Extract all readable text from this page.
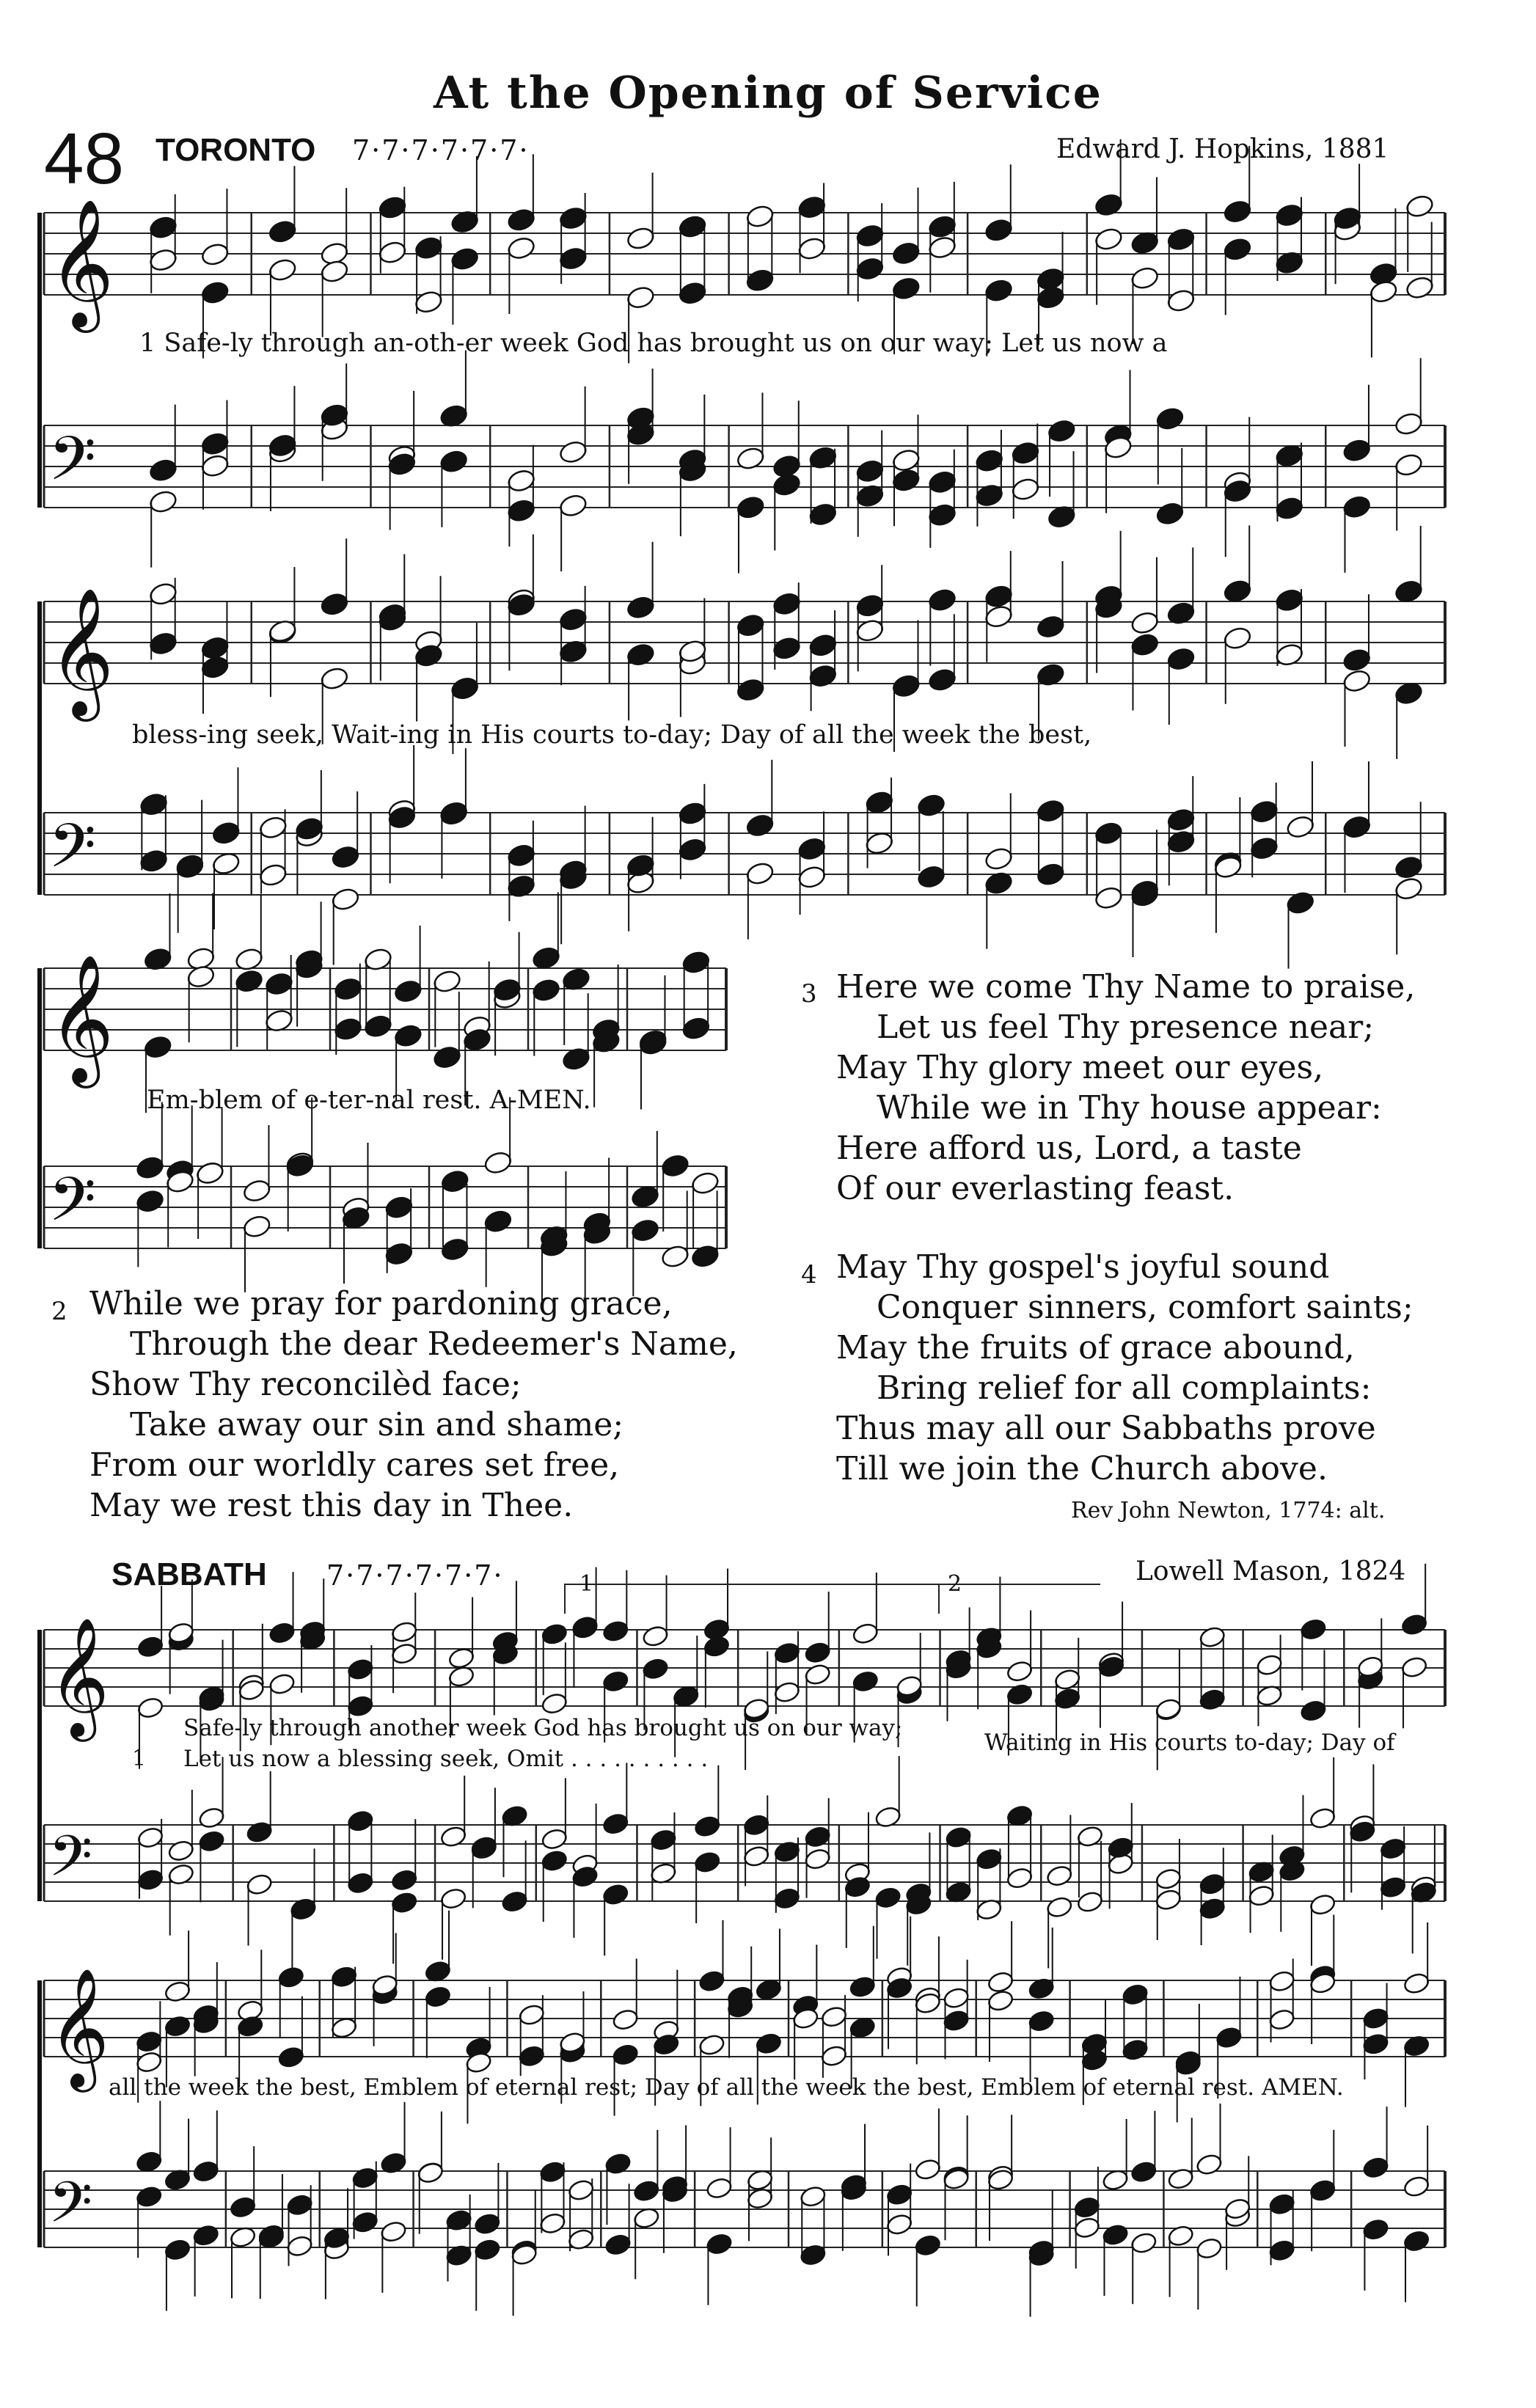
At the Opening of Service
48 TORONTO 7·7·7·7·7·7·	Edward J. Hopkins, 1881
𝄞
𝄢
𝄞
𝄢
𝄞
𝄢
𝄞
𝄢
𝄞
𝄢
1 Safe-ly through an-oth-er week God has brought us on our way; Let us now a
bless-ing seek, Wait-ing in His courts to-day; Day of all the week the best,
Em-blem of e-ter-nal rest. A-MEN.
3 Here we come Thy Name to praise,
Let us feel Thy presence near;
May Thy glory meet our eyes,
While we in Thy house appear:
Here afford us, Lord, a taste
Of our everlasting feast.
2 While we pray for pardoning grace,
Through the dear Redeemer's Name,
Show Thy reconcilèd face;
Take away our sin and shame;
From our worldly cares set free,
May we rest this day in Thee.
4 May Thy gospel's joyful sound
Conquer sinners, comfort saints;
May the fruits of grace abound,
Bring relief for all complaints:
Thus may all our Sabbaths prove
Till we join the Church above.
Rev John Newton, 1774: alt.
SABBATH 7·7·7·7·7·7·	Lowell Mason, 1824
1	2
1
Safe-ly through another week God has brought us on our way;
Let us now a blessing seek, Omit . . . . . . . . . .
Waiting in His courts to-day; Day of
all the week the best, Emblem of eternal rest; Day of all the week the best, Emblem of eternal rest. AMEN.
